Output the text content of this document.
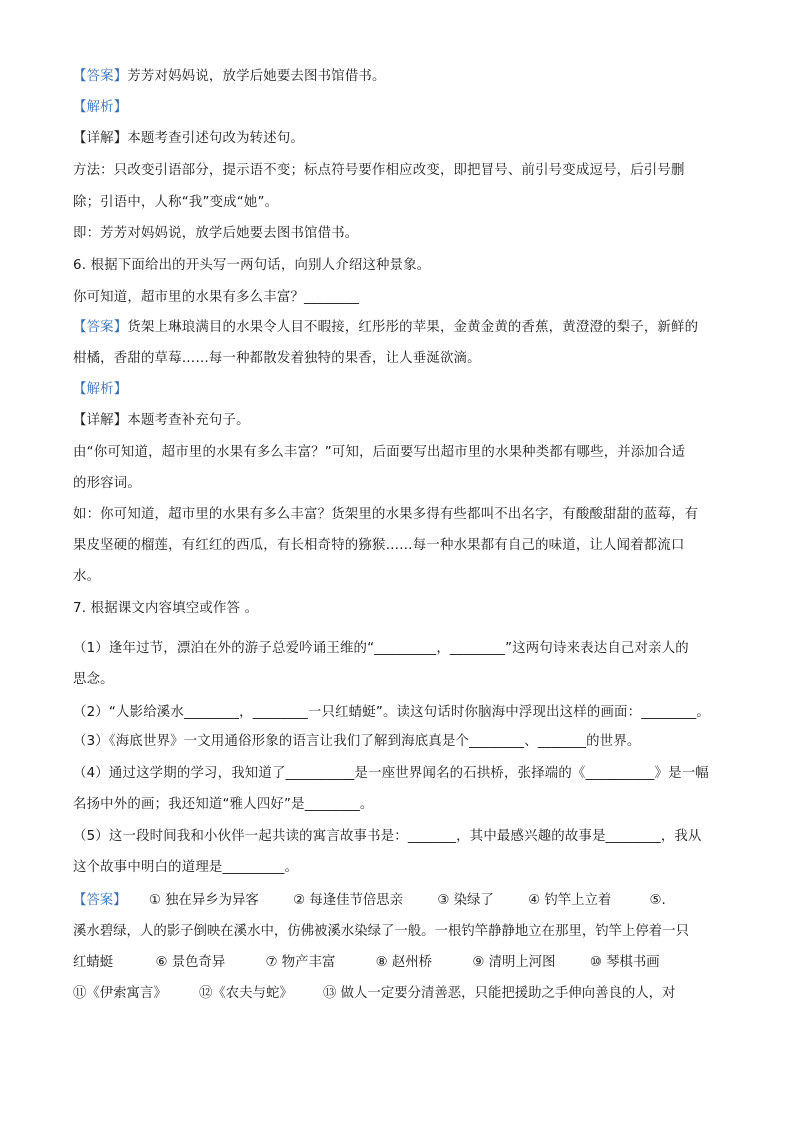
【答案】芳芳对妈妈说，放学后她要去图书馆借书。
【解析】
【详解】本题考查引述句改为转述句。
方法：只改变引语部分，提示语不变；标点符号要作相应改变，即把冒号、前引号变成逗号，后引号删
除；引语中，人称“我”变成“她”。
即：芳芳对妈妈说，放学后她要去图书馆借书。
6. 根据下面给出的开头写一两句话，向别人介绍这种景象。
你可知道，超市里的水果有多么丰富？________
【答案】货架上琳琅满目的水果令人目不暇接，红彤彤的苹果，金黄金黄的香蕉，黄澄澄的梨子，新鲜的
柑橘，香甜的草莓……每一种都散发着独特的果香，让人垂涎欲滴。
【解析】
【详解】本题考查补充句子。
由“你可知道，超市里的水果有多么丰富？”可知，后面要写出超市里的水果种类都有哪些，并添加合适
的形容词。
如：你可知道，超市里的水果有多么丰富？货架里的水果多得有些都叫不出名字，有酸酸甜甜的蓝莓，有
果皮坚硬的榴莲，有红红的西瓜，有长相奇特的猕猴……每一种水果都有自己的味道，让人闻着都流口
水。
7. 根据课文内容填空或作答 。
（1）逢年过节，漂泊在外的游子总爱吟诵王维的“_________，________”这两句诗来表达自己对亲人的
思念。
（2）“人影给溪水________，________一只红蜻蜓”。读这句话时你脑海中浮现出这样的画面：________。
（3）《海底世界》一文用通俗形象的语言让我们了解到海底真是个________、_______的世界。
（4）通过这学期的学习，我知道了__________是一座世界闻名的石拱桥，张择端的《__________》是一幅
名扬中外的画；我还知道“雅人四好”是________。
（5）这一段时间我和小伙伴一起共读的寓言故事书是：_______，其中最感兴趣的故事是________，我从
这个故事中明白的道理是_________。
【答案】 ① 独在异乡为异客	② 每逢佳节倍思亲	③ 染绿了	④ 钓竿上立着	⑤.
溪水碧绿，人的影子倒映在溪水中，仿佛被溪水染绿了一般。一根钓竿静静地立在那里，钓竿上停着一只
红蜻蜓	⑥ 景色奇异	⑦ 物产丰富	⑧ 赵州桥	⑨ 清明上河图	⑩ 琴棋书画
⑪《伊索寓言》 ⑫《农夫与蛇》 ⑬ 做人一定要分清善恶，只能把援助之手伸向善良的人，对
